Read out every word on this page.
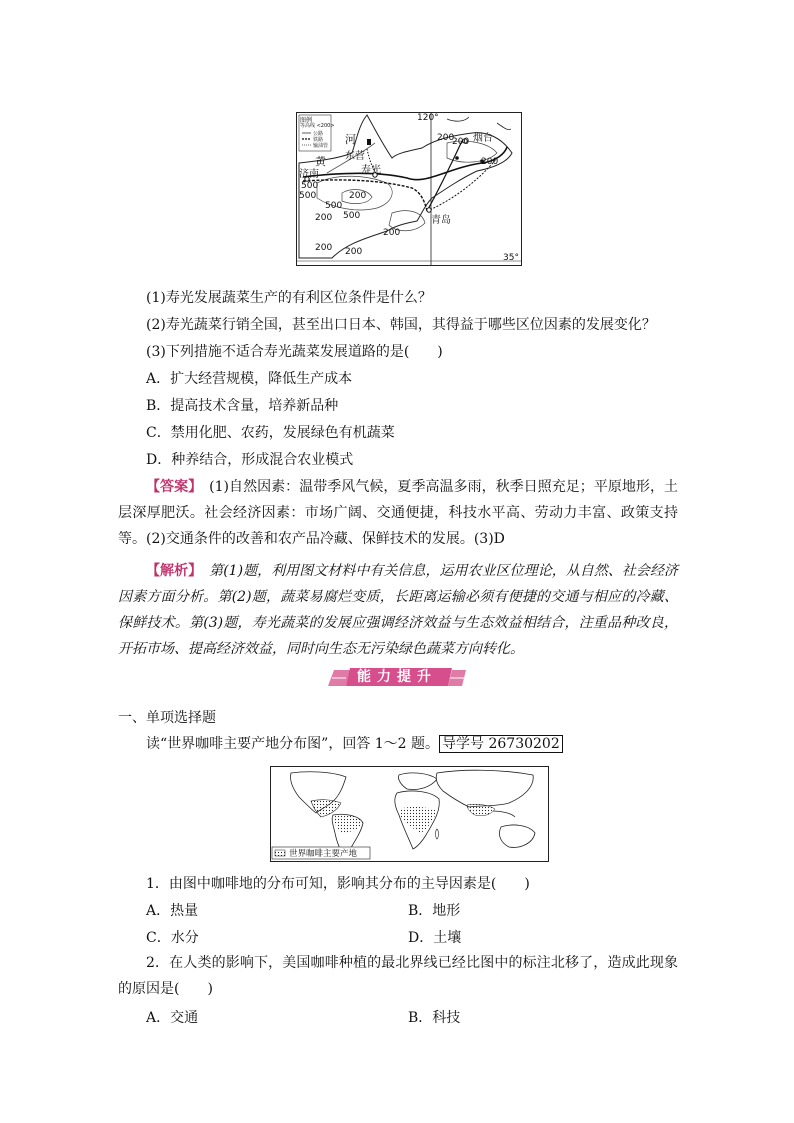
图例
等高线 <200>
公路
铁路
输油管
120°
35°
黄
河
东营
寿光
济南
烟台
青岛
200
200
200
200
200
200
200
200
500
500
500
500
(1)寿光发展蔬菜生产的有利区位条件是什么？
(2)寿光蔬菜行销全国，甚至出口日本、韩国，其得益于哪些区位因素的发展变化？
(3)下列措施不适合寿光蔬菜发展道路的是(　　)
A．扩大经营规模，降低生产成本
B．提高技术含量，培养新品种
C．禁用化肥、农药，发展绿色有机蔬菜
D．种养结合，形成混合农业模式
【答案】　(1)自然因素：温带季风气候，夏季高温多雨，秋季日照充足；平原地形，土层深厚肥沃。社会经济因素：市场广阔、交通便捷，科技水平高、劳动力丰富、政策支持等。(2)交通条件的改善和农产品冷藏、保鲜技术的发展。(3)D
【解析】　第(1)题，利用图文材料中有关信息，运用农业区位理论，从自然、社会经济因素方面分析。第(2)题，蔬菜易腐烂变质，长距离运输必须有便捷的交通与相应的冷藏、保鲜技术。第(3)题，寿光蔬菜的发展应强调经济效益与生态效益相结合，注重品种改良，开拓市场、提高经济效益，同时向生态无污染绿色蔬菜方向转化。
能力提升
一、单项选择题
读“世界咖啡主要产地分布图”，回答 1～2 题。 导学号 26730202
世界咖啡主要产地
1．由图中咖啡地的分布可知，影响其分布的主导因素是(　　)
A．热量	B．地形
C．水分	D．土壤
2．在人类的影响下，美国咖啡种植的最北界线已经比图中的标注北移了，造成此现象的原因是(　　)
A．交通	B．科技
